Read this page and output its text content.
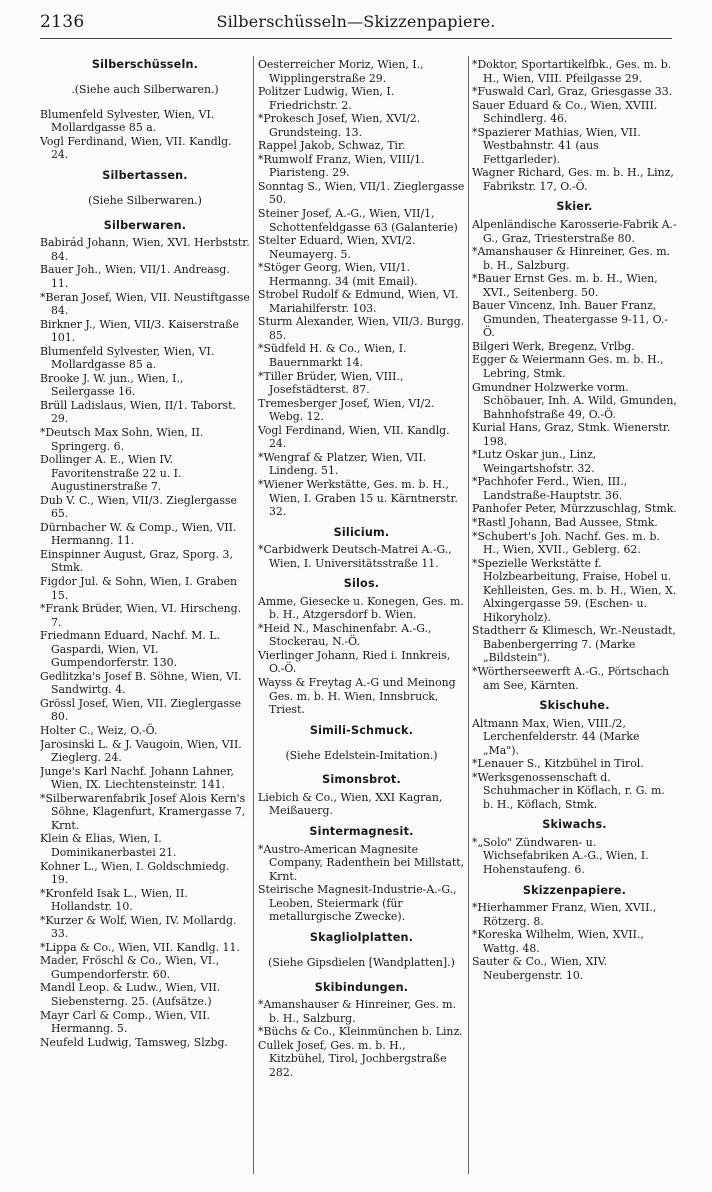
2136	Silberschüsseln—Skizzenpapiere.
Silberschüsseln.

.(Siehe auch Silberwaren.)

Blumenfeld Sylvester, Wien, VI. Mollardgasse 85 a.

Vogl Ferdinand, Wien, VII. Kandlg. 24.

Silbertassen.

(Siehe Silberwaren.)

Silberwaren.

Babirád Johann, Wien, XVI. Herbststr. 84.

Bauer Joh., Wien, VII/1. Andreasg. 11.

*Beran Josef, Wien, VII. Neustiftgasse 84.

Birkner J., Wien, VII/3. Kaiserstraße 101.

Blumenfeld Sylvester, Wien, VI. Mollardgasse 85 a.

Brooke J. W. jun., Wien, I., Seilergasse 16.

Brüll Ladislaus, Wien, II/1. Taborst. 29.

*Deutsch Max Sohn, Wien, II. Springerg. 6.

Dollinger A. E., Wien IV. Favoritenstraße 22 u. I. Augustinerstraße 7.

Dub V. C., Wien, VII/3. Zieglergasse 65.

Dürnbacher W. & Comp., Wien, VII. Hermanng. 11.

Einspinner August, Graz, Sporg. 3, Stmk.

Figdor Jul. & Sohn, Wien, I. Graben 15.

*Frank Brüder, Wien, VI. Hirscheng. 7.

Friedmann Eduard, Nachf. M. L. Gaspardi, Wien, VI. Gumpendorferstr. 130.

Gedlitzka's Josef B. Söhne, Wien, VI. Sandwirtg. 4.

Grössl Josef, Wien, VII. Zieglergasse 80.

Holter C., Weiz, O.-Ö.

Jarosinski L. & J. Vaugoin, Wien, VII. Zieglerg. 24.

Junge's Karl Nachf. Johann Lahner, Wien, IX. Liechtensteinstr. 141.

*Silberwarenfabrik Josef Alois Kern's Söhne, Klagenfurt, Kramergasse 7, Krnt.

Klein & Elias, Wien, I. Dominikanerbastei 21.

Kohner L., Wien, I. Goldschmiedg. 19.

*Kronfeld Isak L., Wien, II. Hollandstr. 10.

*Kurzer & Wolf, Wien, IV. Mollardg. 33.

*Lippa & Co., Wien, VII. Kandlg. 11.

Mader, Fröschl & Co., Wien, VI., Gumpendorferstr. 60.

Mandl Leop. & Ludw., Wien, VII. Siebensterng. 25. (Aufsätze.)

Mayr Carl & Comp., Wien, VII. Hermanng. 5.

Neufeld Ludwig, Tamsweg, Slzbg.

Oesterreicher Moriz, Wien, I., Wipplingerstraße 29.

Politzer Ludwig, Wien, I. Friedrichstr. 2.

*Prokesch Josef, Wien, XVI/2. Grundsteing. 13.

Rappel Jakob, Schwaz, Tir.

*Rumwolf Franz, Wien, VIII/1. Piaristeng. 29.

Sonntag S., Wien, VII/1. Zieglergasse 50.

Steiner Josef, A.-G., Wien, VII/1, Schottenfeldgasse 63 (Galanterie)

Stelter Eduard, Wien, XVI/2. Neumayerg. 5.

*Stöger Georg, Wien, VII/1. Hermanng. 34 (mit Email).

Strobel Rudolf & Edmund, Wien, VI. Mariahilferstr. 103.

Sturm Alexander, Wien, VII/3. Burgg. 85.

*Südfeld H. & Co., Wien, I. Bauernmarkt 14.

*Tiller Brüder, Wien, VIII., Josefstädterst. 87.

Tremesberger Josef, Wien, VI/2. Webg. 12.

Vogl Ferdinand, Wien, VII. Kandlg. 24.

*Wengraf & Platzer, Wien, VII. Lindeng. 51.

*Wiener Werkstätte, Ges. m. b. H., Wien, I. Graben 15 u. Kärntnerstr. 32.

Silicium.

*Carbidwerk Deutsch-Matrei A.-G., Wien, I. Universitätsstraße 11.

Silos.

Amme, Giesecke u. Konegen, Ges. m. b. H., Atzgersdorf b. Wien.

*Heid N., Maschinenfabr. A.-G., Stockerau, N.-Ö.

Vierlinger Johann, Ried i. Innkreis, O.-Ö.

Wayss & Freytag A.-G und Meinong Ges. m. b. H. Wien, Innsbruck, Triest.

Simili-Schmuck.

(Siehe Edelstein-Imitation.)

Simonsbrot.

Liebich & Co., Wien, XXI Kagran, Meißauerg.

Sintermagnesit.

*Austro-American Magnesite Company, Radenthein bei Millstatt, Krnt.

Steirische Magnesit-Industrie-A.-G., Leoben, Steiermark (für metallurgische Zwecke).

Skagliolplatten.

(Siehe Gipsdielen [Wandplatten].)

Skibindungen.

*Amanshauser & Hinreiner, Ges. m. b. H., Salzburg.

*Büchs & Co., Kleinmünchen b. Linz.

Cullek Josef, Ges. m. b. H., Kitzbühel, Tirol, Jochbergstraße 282.

*Doktor, Sportartikelfbk., Ges. m. b. H., Wien, VIII. Pfeilgasse 29.

*Fuswald Carl, Graz, Griesgasse 33.

Sauer Eduard & Co., Wien, XVIII. Schindlerg. 46.

*Spazierer Mathias, Wien, VII. Westbahnstr. 41 (aus Fettgarleder).

Wagner Richard, Ges. m. b. H., Linz, Fabrikstr. 17, O.-Ö.

Skier.

Alpenländische Karosserie-Fabrik A.-G., Graz, Triesterstraße 80.

*Amanshauser & Hinreiner, Ges. m. b. H., Salzburg.

*Bauer Ernst Ges. m. b. H., Wien, XVI., Seitenberg. 50.

Bauer Vincenz, Inh. Bauer Franz, Gmunden, Theatergasse 9-11, O.-Ö.

Bilgeri Werk, Bregenz, Vrlbg.

Egger & Weiermann Ges. m. b. H., Lebring, Stmk.

Gmundner Holzwerke vorm. Schöbauer, Inh. A. Wild, Gmunden, Bahnhofstraße 49, O.-Ö.

Kurial Hans, Graz, Stmk. Wienerstr. 198.

*Lutz Oskar jun., Linz, Weingartshofstr. 32.

*Pachhofer Ferd., Wien, III., Landstraße-Hauptstr. 36.

Panhofer Peter, Mürzzuschlag, Stmk.

*Rastl Johann, Bad Aussee, Stmk.

*Schubert's Joh. Nachf. Ges. m. b. H., Wien, XVII., Geblerg. 62.

*Spezielle Werkstätte f. Holzbearbeitung, Fraise, Hobel u. Kehlleisten, Ges. m. b. H., Wien, X. Alxingergasse 59. (Eschen- u. Hikoryholz).

Stadtherr & Klimesch, Wr.-Neustadt, Babenbergerring 7. (Marke „Bildstein").

*Wörtherseewerft A.-G., Pörtschach am See, Kärnten.

Skischuhe.

Altmann Max, Wien, VIII./2, Lerchenfelderstr. 44 (Marke „Ma").

*Lenauer S., Kitzbühel in Tirol.

*Werksgenossenschaft d. Schuhmacher in Köflach, r. G. m. b. H., Köflach, Stmk.

Skiwachs.

*„Solo" Zündwaren- u. Wichsefabriken A.-G., Wien, I. Hohenstaufeng. 6.

Skizzenpapiere.

*Hierhammer Franz, Wien, XVII., Rötzerg. 8.

*Koreska Wilhelm, Wien, XVII., Wattg. 48.

Sauter & Co., Wien, XIV. Neubergenstr. 10.
